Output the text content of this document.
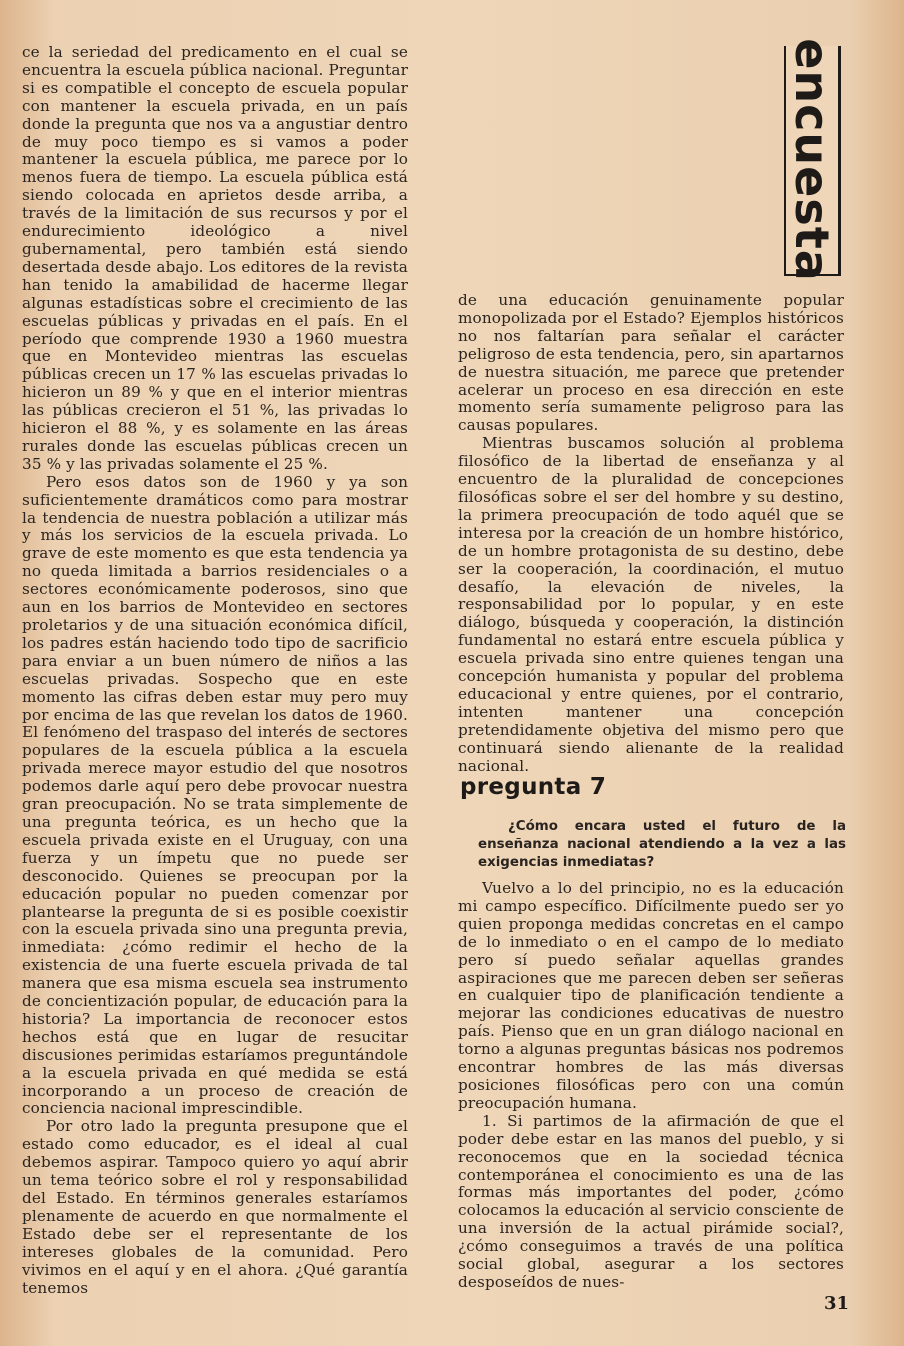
ce la seriedad del predicamento en el cual se encuentra la escuela pública nacional. Preguntar si es compatible el concepto de escuela popular con mantener la escuela privada, en un país donde la pregunta que nos va a angustiar dentro de muy poco tiempo es si vamos a poder mantener la escuela pública, me parece por lo menos fuera de tiempo. La escuela pública está siendo colocada en aprietos desde arriba, a través de la limitación de sus recursos y por el endurecimiento ideológico a nivel gubernamental, pero también está siendo desertada desde abajo. Los editores de la revista han tenido la amabilidad de hacerme llegar algunas estadísticas sobre el crecimiento de las escuelas públicas y privadas en el país. En el período que comprende 1930 a 1960 muestra que en Montevideo mientras las escuelas públicas crecen un 17 % las escuelas privadas lo hicieron un 89 % y que en el interior mientras las públicas crecieron el 51 %, las privadas lo hicieron el 88 %, y es solamente en las áreas rurales donde las escuelas públicas crecen un 35 % y las privadas solamente el 25 %.

Pero esos datos son de 1960 y ya son suficientemente dramáticos como para mostrar la tendencia de nuestra población a utilizar más y más los servicios de la escuela privada. Lo grave de este momento es que esta tendencia ya no queda limitada a barrios residenciales o a sectores económicamente poderosos, sino que aun en los barrios de Montevideo en sectores proletarios y de una situación económica difícil, los padres están haciendo todo tipo de sacrificio para enviar a un buen número de niños a las escuelas privadas. Sospecho que en este momento las cifras deben estar muy pero muy por encima de las que revelan los datos de 1960. El fenómeno del traspaso del interés de sectores populares de la escuela pública a la escuela privada merece mayor estudio del que nosotros podemos darle aquí pero debe provocar nuestra gran preocupación. No se trata simplemente de una pregunta teórica, es un hecho que la escuela privada existe en el Uruguay, con una fuerza y un ímpetu que no puede ser desconocido. Quienes se preocupan por la educación popular no pueden comenzar por plantearse la pregunta de si es posible coexistir con la escuela privada sino una pregunta previa, inmediata: ¿cómo redimir el hecho de la existencia de una fuerte escuela privada de tal manera que esa misma escuela sea instrumento de concientización popular, de educación para la historia? La importancia de reconocer estos hechos está que en lugar de resucitar discusiones perimidas estaríamos preguntándole a la escuela privada en qué medida se está incorporando a un proceso de creación de conciencia nacional imprescindible.

Por otro lado la pregunta presupone que el estado como educador, es el ideal al cual debemos aspirar. Tampoco quiero yo aquí abrir un tema teórico sobre el rol y responsabilidad del Estado. En términos generales estaríamos plenamente de acuerdo en que normalmente el Estado debe ser el representante de los intereses globales de la comunidad. Pero vivimos en el aquí y en el ahora. ¿Qué garantía tenemos

encuesta

de una educación genuinamente popular monopolizada por el Estado? Ejemplos históricos no nos faltarían para señalar el carácter peligroso de esta tendencia, pero, sin apartarnos de nuestra situación, me parece que pretender acelerar un proceso en esa dirección en este momento sería sumamente peligroso para las causas populares.

Mientras buscamos solución al problema filosófico de la libertad de enseñanza y al encuentro de la pluralidad de concepciones filosóficas sobre el ser del hombre y su destino, la primera preocupación de todo aquél que se interesa por la creación de un hombre histórico, de un hombre protagonista de su destino, debe ser la cooperación, la coordinación, el mutuo desafío, la elevación de niveles, la responsabilidad por lo popular, y en este diálogo, búsqueda y cooperación, la distinción fundamental no estará entre escuela pública y escuela privada sino entre quienes tengan una concepción humanista y popular del problema educacional y entre quienes, por el contrario, intenten mantener una concepción pretendidamente objetiva del mismo pero que continuará siendo alienante de la realidad nacional.

pregunta 7
¿Cómo encara usted el futuro de la enseñanza nacional atendiendo a la vez a las exigencias inmediatas?

Vuelvo a lo del principio, no es la educación mi campo específico. Difícilmente puedo ser yo quien proponga medidas concretas en el campo de lo inmediato o en el campo de lo mediato pero sí puedo señalar aquellas grandes aspiraciones que me parecen deben ser señeras en cualquier tipo de planificación tendiente a mejorar las condiciones educativas de nuestro país. Pienso que en un gran diálogo nacional en torno a algunas preguntas básicas nos podremos encontrar hombres de las más diversas posiciones filosóficas pero con una común preocupación humana.

1. Si partimos de la afirmación de que el poder debe estar en las manos del pueblo, y si reconocemos que en la sociedad técnica contemporánea el conocimiento es una de las formas más importantes del poder, ¿cómo colocamos la educación al servicio consciente de una inversión de la actual pirámide social?, ¿cómo conseguimos a través de una política social global, asegurar a los sectores desposeídos de nues-

31
